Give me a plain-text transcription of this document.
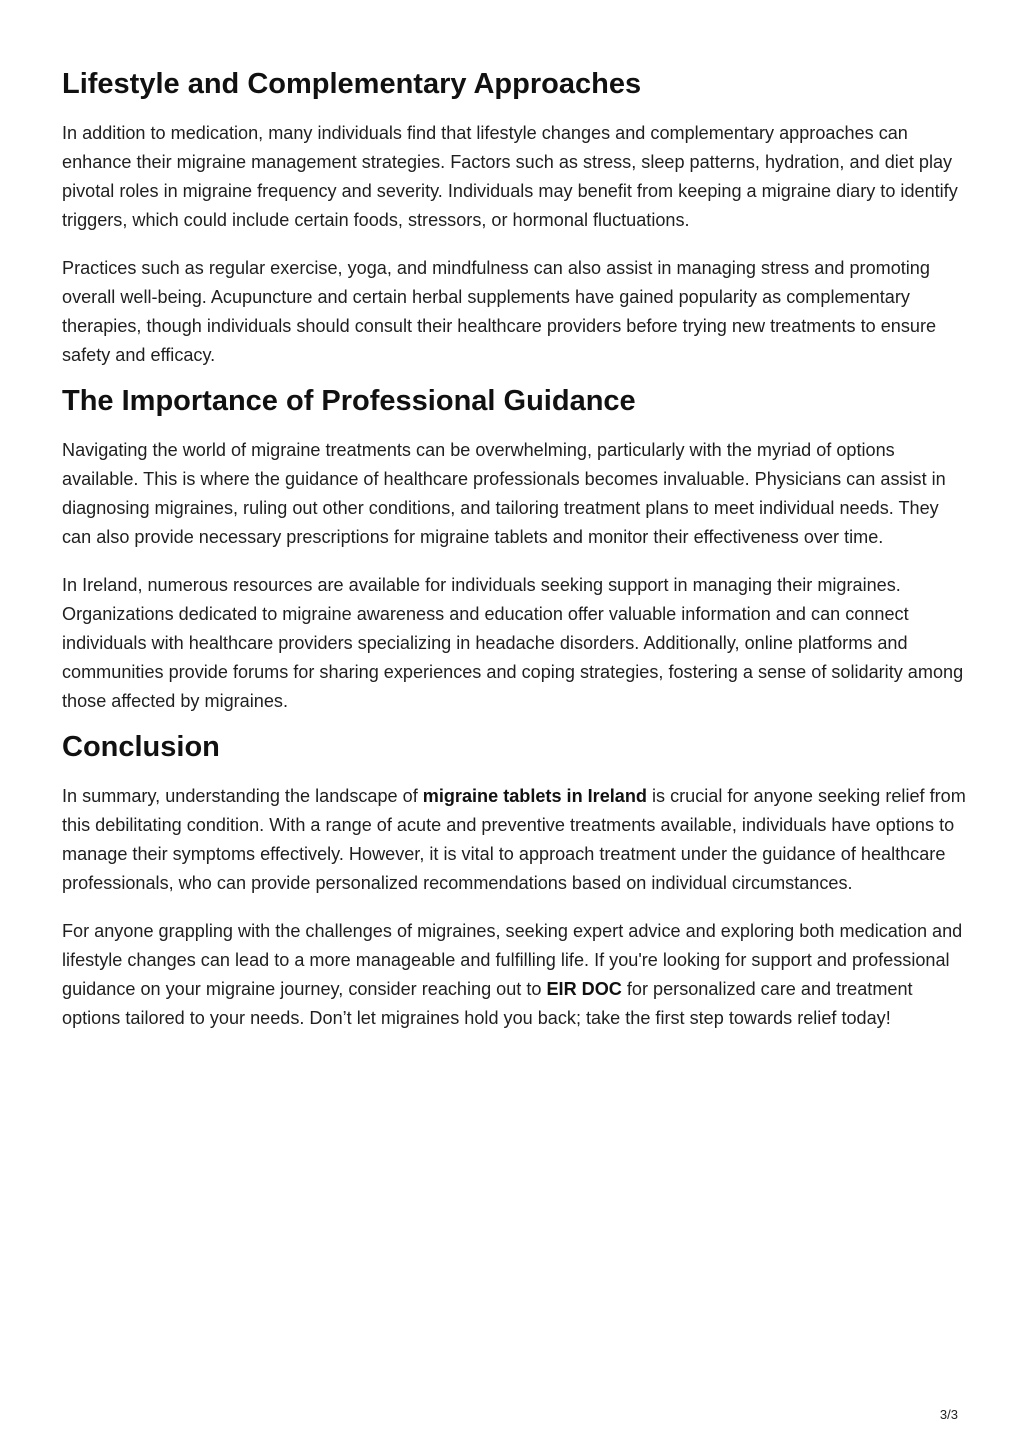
Lifestyle and Complementary Approaches

In addition to medication, many individuals find that lifestyle changes and complementary approaches can enhance their migraine management strategies. Factors such as stress, sleep patterns, hydration, and diet play pivotal roles in migraine frequency and severity. Individuals may benefit from keeping a migraine diary to identify triggers, which could include certain foods, stressors, or hormonal fluctuations.

Practices such as regular exercise, yoga, and mindfulness can also assist in managing stress and promoting overall well-being. Acupuncture and certain herbal supplements have gained popularity as complementary therapies, though individuals should consult their healthcare providers before trying new treatments to ensure safety and efficacy.

The Importance of Professional Guidance

Navigating the world of migraine treatments can be overwhelming, particularly with the myriad of options available. This is where the guidance of healthcare professionals becomes invaluable. Physicians can assist in diagnosing migraines, ruling out other conditions, and tailoring treatment plans to meet individual needs. They can also provide necessary prescriptions for migraine tablets and monitor their effectiveness over time.

In Ireland, numerous resources are available for individuals seeking support in managing their migraines. Organizations dedicated to migraine awareness and education offer valuable information and can connect individuals with healthcare providers specializing in headache disorders. Additionally, online platforms and communities provide forums for sharing experiences and coping strategies, fostering a sense of solidarity among those affected by migraines.

Conclusion

In summary, understanding the landscape of migraine tablets in Ireland is crucial for anyone seeking relief from this debilitating condition. With a range of acute and preventive treatments available, individuals have options to manage their symptoms effectively. However, it is vital to approach treatment under the guidance of healthcare professionals, who can provide personalized recommendations based on individual circumstances.

For anyone grappling with the challenges of migraines, seeking expert advice and exploring both medication and lifestyle changes can lead to a more manageable and fulfilling life. If you're looking for support and professional guidance on your migraine journey, consider reaching out to EIR DOC for personalized care and treatment options tailored to your needs. Don’t let migraines hold you back; take the first step towards relief today!

3/3
